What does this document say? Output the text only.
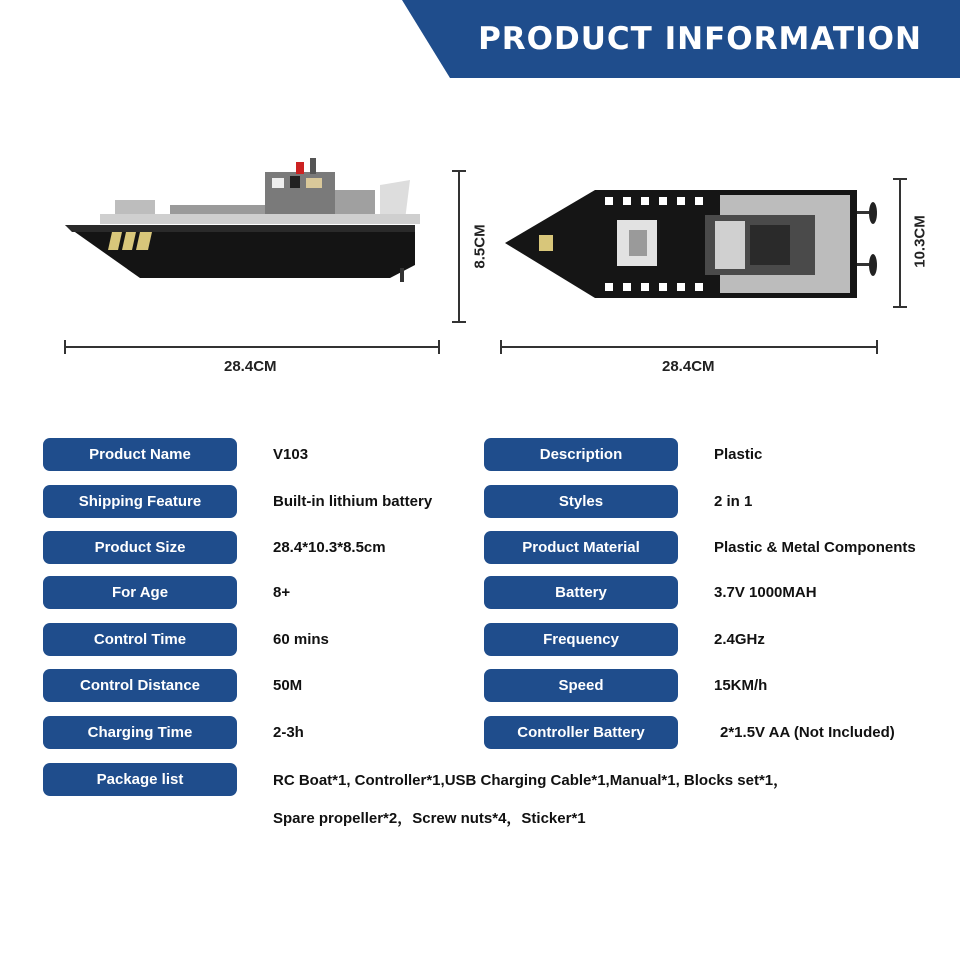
PRODUCT INFORMATION
8.5CM
28.4CM
10.3CM
28.4CM
Product Name	V103
Shipping Feature	Built-in lithium battery
Product Size	28.4*10.3*8.5cm
For Age	8+
Control Time	60 mins
Control Distance	50M
Charging Time	2-3h
Description	Plastic
Styles	2 in 1
Product Material	Plastic & Metal Components
Battery	3.7V 1000MAH
Frequency	2.4GHz
Speed	15KM/h
Controller Battery	2*1.5V AA (Not Included)
Package list	RC Boat*1, Controller*1,USB Charging Cable*1,Manual*1, Blocks set*1，
Spare propeller*2，Screw nuts*4，Sticker*1
